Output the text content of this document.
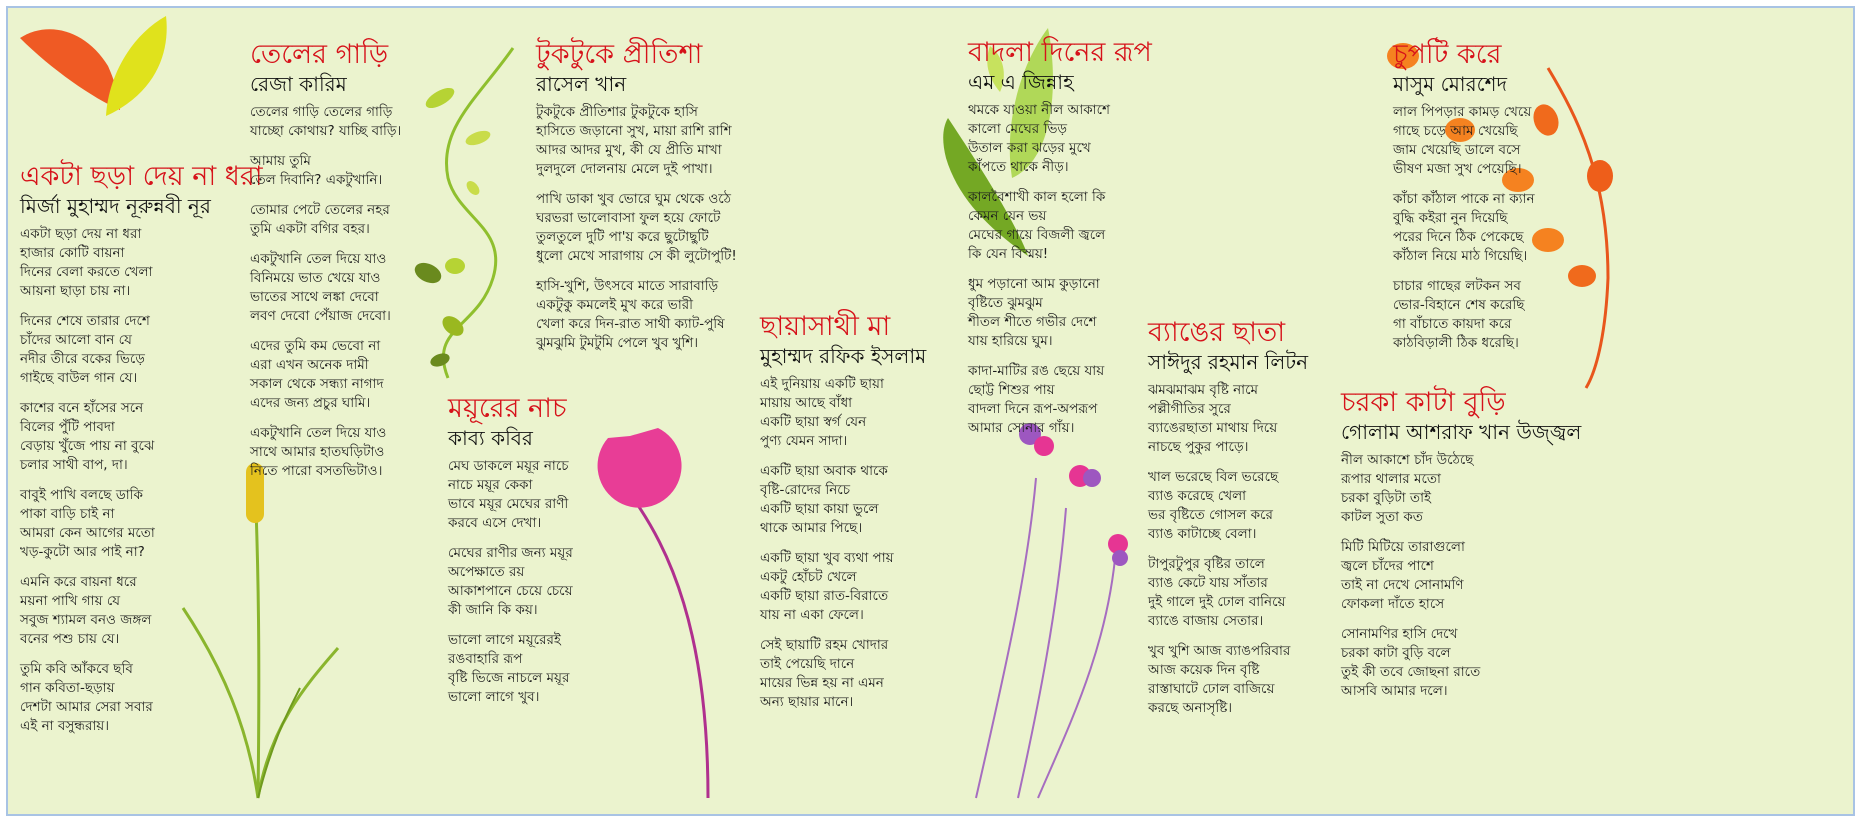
একটা ছড়া দেয় না ধরা
মির্জা মুহাম্মদ নূরুন্নবী নূর
একটা ছড়া দেয় না ধরা
হাজার কোটি বায়না
দিনের বেলা করতে খেলা
আয়না ছাড়া চায় না।
দিনের শেষে তারার দেশে
চাঁদের আলো বান যে
নদীর তীরে বকের ভিড়ে
গাইছে বাউল গান যে।
কাশের বনে হাঁসের সনে
বিলের পুঁটি পাবদা
বেড়ায় খুঁজে পায় না বুঝে
চলার সাথী বাপ, দা।
বাবুই পাখি বলছে ডাকি
পাকা বাড়ি চাই না
আমরা কেন আগের মতো
খড়-কুটো আর পাই না?
এমনি করে বায়না ধরে
ময়না পাখি গায় যে
সবুজ শ্যামল বনও জঙ্গল
বনের পশু চায় যে।
তুমি কবি আঁকবে ছবি
গান কবিতা-ছড়ায়
দেশটা আমার সেরা সবার
এই না বসুন্ধরায়।
তেলের গাড়ি
রেজা কারিম
তেলের গাড়ি তেলের গাড়ি
যাচ্ছো কোথায়? যাচ্ছি বাড়ি।
আমায় তুমি
তেল দিবানি? একটুখানি।
তোমার পেটে তেলের নহর
তুমি একটা বগির বহর।
একটুখানি তেল দিয়ে যাও
বিনিময়ে ভাত খেয়ে যাও
ভাতের সাথে লঙ্কা দেবো
লবণ দেবো পেঁয়াজ দেবো।
এদের তুমি কম ভেবো না
এরা এখন অনেক দামী
সকাল থেকে সন্ধ্যা নাগাদ
এদের জন্য প্রচুর ঘামি।
একটুখানি তেল দিয়ে যাও
সাথে আমার হাতঘড়িটাও
নিতে পারো বসতভিটাও।
টুকটুকে প্রীতিশা
রাসেল খান
টুকটুকে প্রীতিশার টুকটুকে হাসি
হাসিতে জড়ানো সুখ, মায়া রাশি রাশি
আদর আদর মুখ, কী যে প্রীতি মাখা
দুলদুলে দোলনায় মেলে দুই পাখা।
পাখি ডাকা খুব ভোরে ঘুম থেকে ওঠে
ঘরভরা ভালোবাসা ফুল হয়ে ফোটে
তুলতুলে দুটি পা'য় করে ছুটোছুটি
ধুলো মেখে সারাগায় সে কী লুটোপুটি!
হাসি-খুশি, উৎসবে মাতে সারাবাড়ি
একটুকু কমলেই মুখ করে ভারী
খেলা করে দিন-রাত সাথী ক্যাট-পুষি
ঝুমঝুমি টুমটুমি পেলে খুব খুশি।
ময়ূরের নাচ
কাব্য কবির
মেঘ ডাকলে ময়ূর নাচে
নাচে ময়ূর কেকা
ভাবে ময়ূর মেঘের রাণী
করবে এসে দেখা।
মেঘের রাণীর জন্য ময়ূর
অপেক্ষাতে রয়
আকাশপানে চেয়ে চেয়ে
কী জানি কি কয়।
ভালো লাগে ময়ূরেরই
রঙবাহারি রূপ
বৃষ্টি ভিজে নাচলে ময়ূর
ভালো লাগে খুব।
ছায়াসাথী মা
মুহাম্মদ রফিক ইসলাম
এই দুনিয়ায় একটি ছায়া
মায়ায় আছে বাঁধা
একটি ছায়া স্বর্গ যেন
পুণ্য যেমন সাদা।
একটি ছায়া অবাক থাকে
বৃষ্টি-রোদের নিচে
একটি ছায়া কায়া ভুলে
থাকে আমার পিছে।
একটি ছায়া খুব ব্যথা পায়
একটু হোঁচট খেলে
একটি ছায়া রাত-বিরাতে
যায় না একা ফেলে।
সেই ছায়াটি রহম খোদার
তাই পেয়েছি দানে
মায়ের ভিন্ন হয় না এমন
অন্য ছায়ার মানে।
বাদলা দিনের রূপ
এম এ জিন্নাহ
থমকে যাওয়া নীল আকাশে
কালো মেঘের ভিড়
উতাল করা ঝড়ের মুখে
কাঁপতে থাকে নীড়।
কালবৈশাখী কাল হলো কি
কেমন যেন ভয়
মেঘের গায়ে বিজলী জ্বলে
কি যেন বিস্ময়!
ধুম পড়ানো আম কুড়ানো
বৃষ্টিতে ঝুমঝুম
শীতল শীতে গভীর দেশে
যায় হারিয়ে ঘুম।
কাদা-মাটির রঙ ছেয়ে যায়
ছোট্ট শিশুর পায়
বাদলা দিনে রূপ-অপরূপ
আমার সোনার গাঁয়।
ব্যাঙের ছাতা
সাঈদুর রহমান লিটন
ঝমঝমাঝম বৃষ্টি নামে
পল্লীগীতির সুরে
ব্যাঙেরছাতা মাথায় দিয়ে
নাচছে পুকুর পাড়ে।
খাল ভরেছে বিল ভরেছে
ব্যাঙ করেছে খেলা
ভর বৃষ্টিতে গোসল করে
ব্যাঙ কাটাচ্ছে বেলা।
টাপুরটুপুর বৃষ্টির তালে
ব্যাঙ কেটে যায় সাঁতার
দুই গালে দুই ঢোল বানিয়ে
ব্যাঙে বাজায় সেতার।
খুব খুশি আজ ব্যাঙপরিবার
আজ কয়েক দিন বৃষ্টি
রাস্তাঘাটে ঢোল বাজিয়ে
করছে অনাসৃষ্টি।
চুপটি করে
মাসুম মোরশেদ
লাল পিপড়ার কামড় খেয়ে
গাছে চড়ে আম খেয়েছি
জাম খেয়েছি ডালে বসে
ভীষণ মজা সুখ পেয়েছি।
কাঁচা কাঁঠাল পাকে না ক্যান
বুদ্ধি কইরা নুন দিয়েছি
পরের দিনে ঠিক পেকেছে
কাঁঠাল নিয়ে মাঠ গিয়েছি।
চাচার গাছের লটকন সব
ভোর-বিহানে শেষ করেছি
গা বাঁচাতে কায়দা করে
কাঠবিড়ালী ঠিক ধরেছি।
চরকা কাটা বুড়ি
গোলাম আশরাফ খান উজ্জ্বল
নীল আকাশে চাঁদ উঠেছে
রূপার থালার মতো
চরকা বুড়িটা তাই
কাটল সুতা কত
মিটি মিটিয়ে তারাগুলো
জ্বলে চাঁদের পাশে
তাই না দেখে সোনামণি
ফোকলা দাঁতে হাসে
সোনামণির হাসি দেখে
চরকা কাটা বুড়ি বলে
তুই কী তবে জোছনা রাতে
আসবি আমার দলে।
